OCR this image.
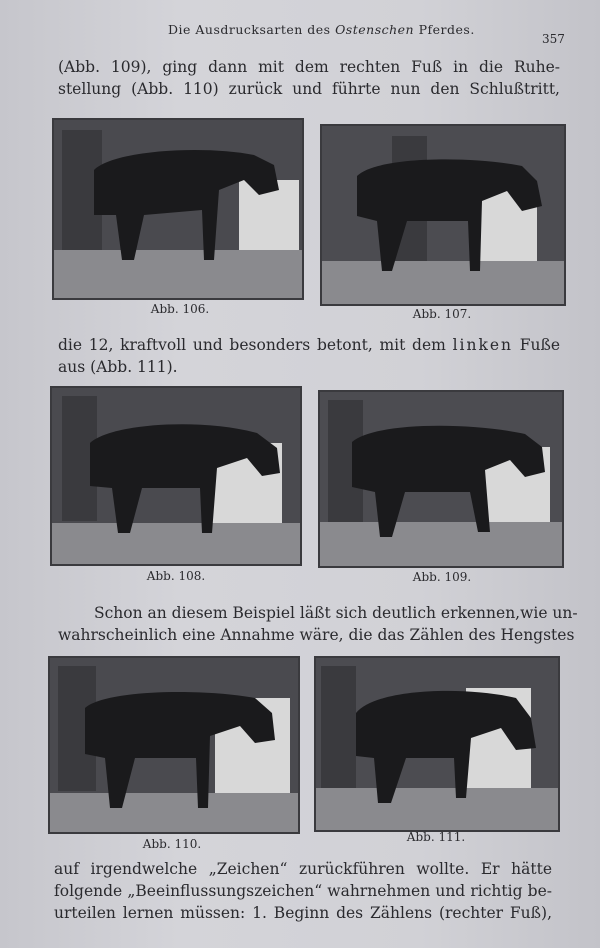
Die Ausdrucksarten des Ostenschen Pferdes.
357
(Abb. 109), ging dann mit dem rechten Fuß in die Ruhe-
stellung (Abb. 110) zurück und führte nun den Schlußtritt,
Abb. 106.	Abb. 107.
die 12, kraftvoll und besonders betont, mit dem linken Fuße
aus (Abb. 111).
Abb. 108.	Abb. 109.
Schon an diesem Beispiel läßt sich deutlich erkennen,wie un-
wahrscheinlich eine Annahme wäre, die das Zählen des Hengstes
Abb. 110.	Abb. 111.
auf irgendwelche „Zeichen“ zurückführen wollte. Er hätte
folgende „Beeinflussungszeichen“ wahrnehmen und richtig be-
urteilen lernen müssen: 1. Beginn des Zählens (rechter Fuß),
